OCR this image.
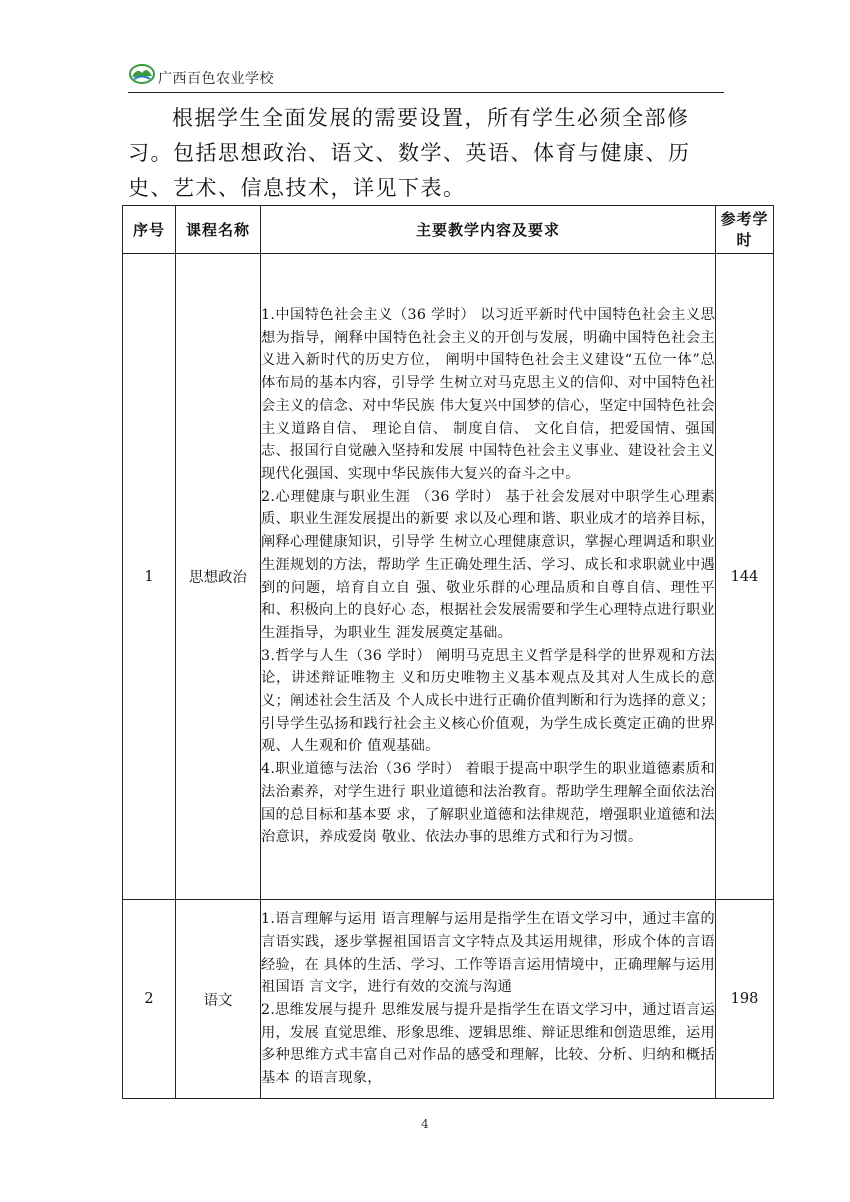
广西百色农业学校

根据学生全面发展的需要设置，所有学生必须全部修习。包括思想政治、语文、数学、英语、体育与健康、历史、艺术、信息技术，详见下表。

序号	课程名称	主要教学内容及要求	参考学时
1	思想政治	1.中国特色社会主义（36 学时） 以习近平新时代中国特色社会主义思想为指导，阐释中国特色社会主义的开创与发展，明确中国特色社会主义进入新时代的历史方位， 阐明中国特色社会主义建设“五位一体”总体布局的基本内容，引导学 生树立对马克思主义的信仰、对中国特色社会主义的信念、对中华民族 伟大复兴中国梦的信心，坚定中国特色社会主义道路自信、 理论自信、 制度自信、 文化自信，把爱国情、强国志、报国行自觉融入坚持和发展 中国特色社会主义事业、建设社会主义现代化强国、实现中华民族伟大复兴的奋斗之中。

2.心理健康与职业生涯 （36 学时） 基于社会发展对中职学生心理素质、职业生涯发展提出的新要 求以及心理和谐、职业成才的培养目标，阐释心理健康知识，引导学 生树立心理健康意识，掌握心理调适和职业生涯规划的方法，帮助学 生正确处理生活、学习、成长和求职就业中遇到的问题，培育自立自 强、敬业乐群的心理品质和自尊自信、理性平和、积极向上的良好心 态，根据社会发展需要和学生心理特点进行职业生涯指导，为职业生 涯发展奠定基础。

3.哲学与人生（36 学时） 阐明马克思主义哲学是科学的世界观和方法论，讲述辩证唯物主 义和历史唯物主义基本观点及其对人生成长的意义；阐述社会生活及 个人成长中进行正确价值判断和行为选择的意义；引导学生弘扬和践行社会主义核心价值观，为学生成长奠定正确的世界观、人生观和价 值观基础。

4.职业道德与法治（36 学时） 着眼于提高中职学生的职业道德素质和法治素养，对学生进行 职业道德和法治教育。帮助学生理解全面依法治国的总目标和基本要 求，了解职业道德和法律规范，增强职业道德和法治意识，养成爱岗 敬业、依法办事的思维方式和行为习惯。	144
2	语文	1.语言理解与运用 语言理解与运用是指学生在语文学习中，通过丰富的言语实践，逐步掌握祖国语言文字特点及其运用规律，形成个体的言语经验，在 具体的生活、学习、工作等语言运用情境中，正确理解与运用祖国语 言文字，进行有效的交流与沟通

2.思维发展与提升 思维发展与提升是指学生在语文学习中，通过语言运用，发展 直觉思维、形象思维、逻辑思维、辩证思维和创造思维，运用多种思维方式丰富自己对作品的感受和理解，比较、分析、归纳和概括基本 的语言现象，	198
4
